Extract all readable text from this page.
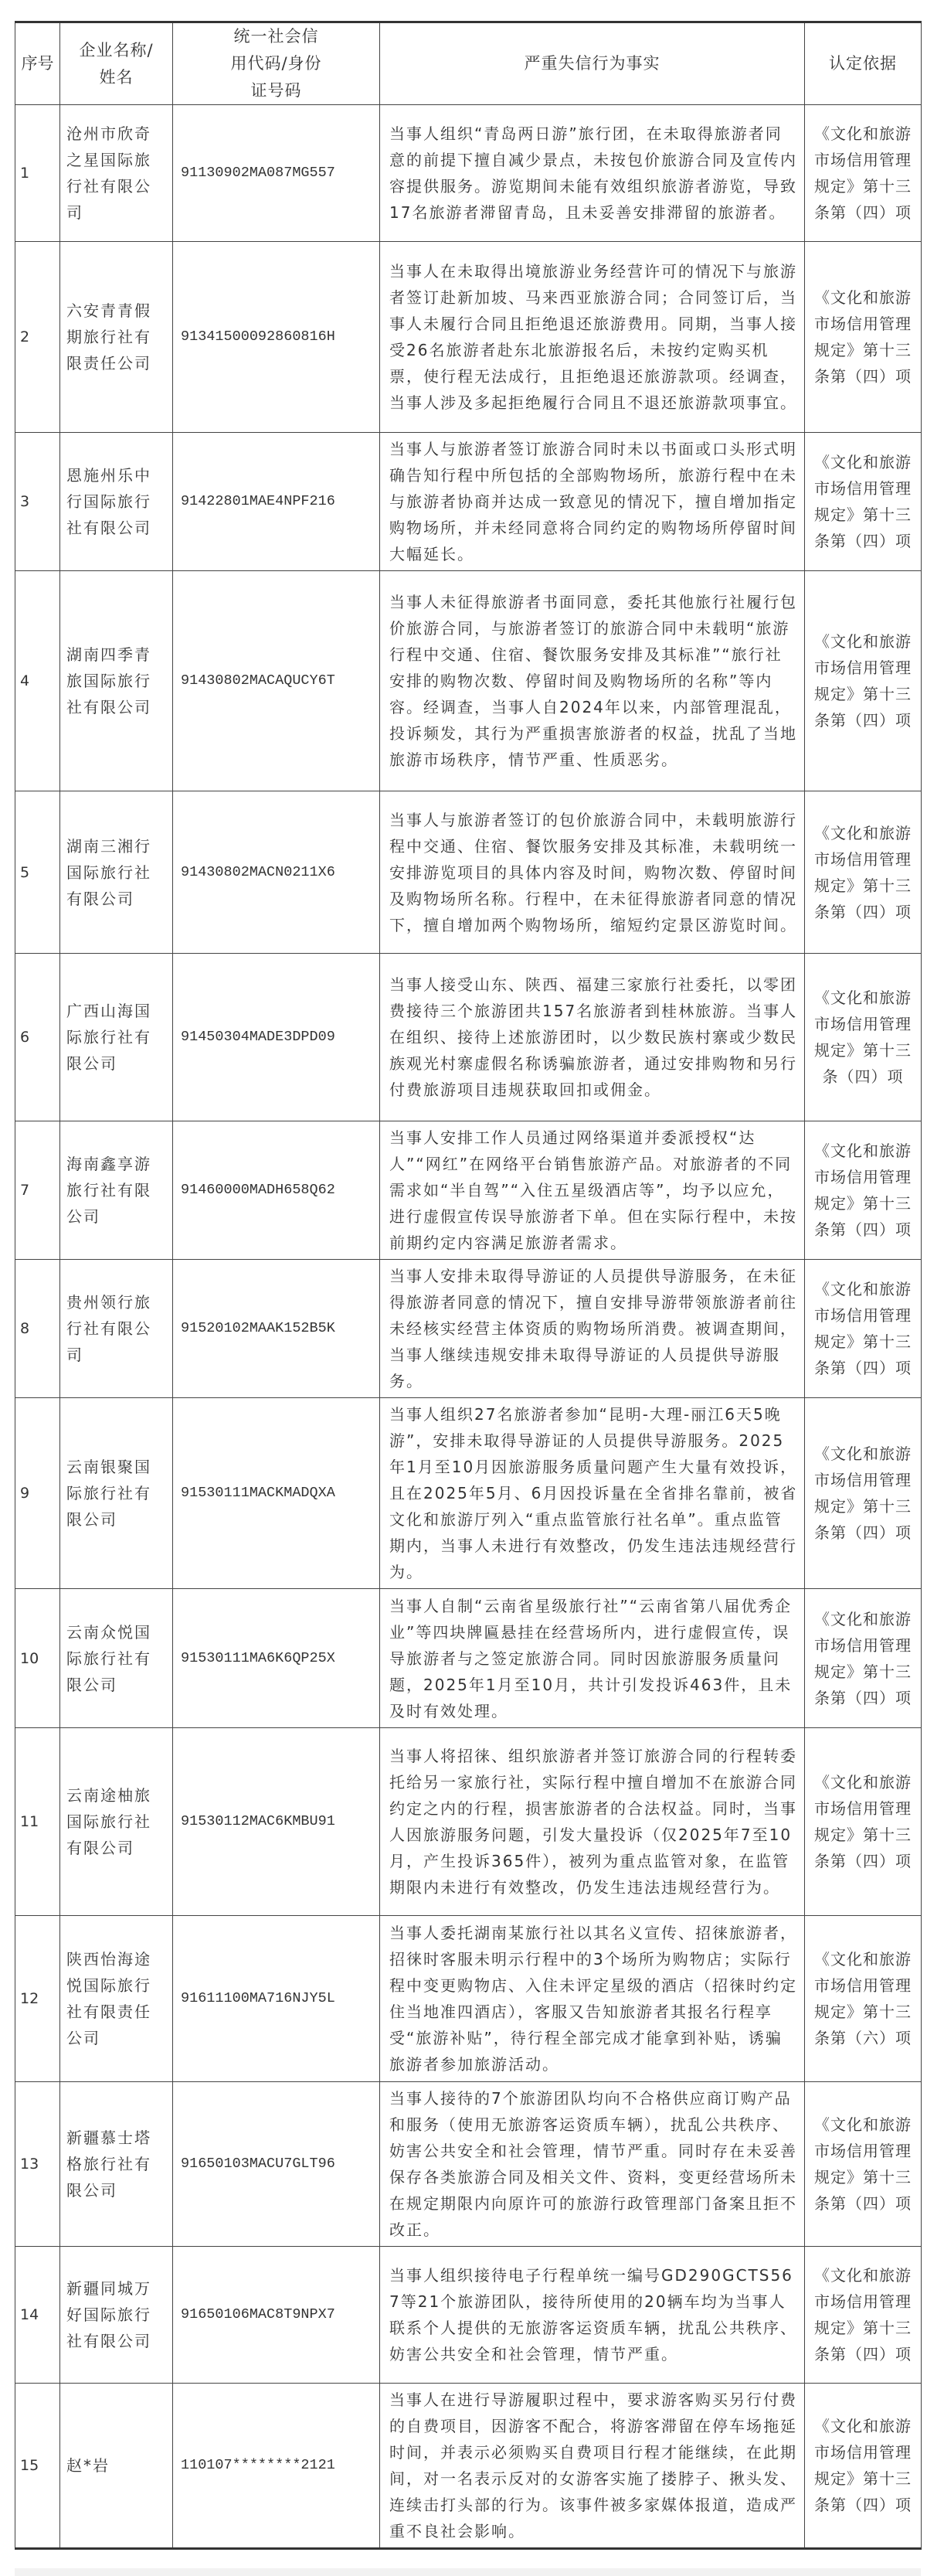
序号	企业名称/姓名	统一社会信用代码/身份证号码	严重失信行为事实	认定依据
1	沧州市欣奇之星国际旅行社有限公司	91130902MA087MG557	当事人组织“青岛两日游”旅行团，在未取得旅游者同意的前提下擅自减少景点，未按包价旅游合同及宣传内容提供服务。游览期间未能有效组织旅游者游览，导致17名旅游者滞留青岛，且未妥善安排滞留的旅游者。	《文化和旅游市场信用管理规定》第十三条第（四）项
2	六安青青假期旅行社有限责任公司	91341500092860816H	当事人在未取得出境旅游业务经营许可的情况下与旅游者签订赴新加坡、马来西亚旅游合同；合同签订后，当事人未履行合同且拒绝退还旅游费用。同期，当事人接受26名旅游者赴东北旅游报名后，未按约定购买机票，使行程无法成行，且拒绝退还旅游款项。经调查，当事人涉及多起拒绝履行合同且不退还旅游款项事宜。	《文化和旅游市场信用管理规定》第十三条第（四）项
3	恩施州乐中行国际旅行社有限公司	91422801MAE4NPF216	当事人与旅游者签订旅游合同时未以书面或口头形式明确告知行程中所包括的全部购物场所，旅游行程中在未与旅游者协商并达成一致意见的情况下，擅自增加指定购物场所，并未经同意将合同约定的购物场所停留时间大幅延长。	《文化和旅游市场信用管理规定》第十三条第（四）项
4	湖南四季青旅国际旅行社有限公司	91430802MACAQUCY6T	当事人未征得旅游者书面同意，委托其他旅行社履行包价旅游合同，与旅游者签订的旅游合同中未载明“旅游行程中交通、住宿、餐饮服务安排及其标准”“旅行社安排的购物次数、停留时间及购物场所的名称”等内容。经调查，当事人自2024年以来，内部管理混乱，投诉频发，其行为严重损害旅游者的权益，扰乱了当地旅游市场秩序，情节严重、性质恶劣。	《文化和旅游市场信用管理规定》第十三条第（四）项
5	湖南三湘行国际旅行社有限公司	91430802MACN0211X6	当事人与旅游者签订的包价旅游合同中，未载明旅游行程中交通、住宿、餐饮服务安排及其标准，未载明统一安排游览项目的具体内容及时间，购物次数、停留时间及购物场所名称。行程中，在未征得旅游者同意的情况下，擅自增加两个购物场所，缩短约定景区游览时间。	《文化和旅游市场信用管理规定》第十三条第（四）项
6	广西山海国际旅行社有限公司	91450304MADE3DPD09	当事人接受山东、陕西、福建三家旅行社委托，以零团费接待三个旅游团共157名旅游者到桂林旅游。当事人在组织、接待上述旅游团时，以少数民族村寨或少数民族观光村寨虚假名称诱骗旅游者，通过安排购物和另行付费旅游项目违规获取回扣或佣金。	《文化和旅游市场信用管理规定》第十三条（四）项
7	海南鑫享游旅行社有限公司	91460000MADH658Q62	当事人安排工作人员通过网络渠道并委派授权“达人”“网红”在网络平台销售旅游产品。对旅游者的不同需求如“半自驾”“入住五星级酒店等”，均予以应允，进行虚假宣传误导旅游者下单。但在实际行程中，未按前期约定内容满足旅游者需求。	《文化和旅游市场信用管理规定》第十三条第（四）项
8	贵州领行旅行社有限公司	91520102MAAK152B5K	当事人安排未取得导游证的人员提供导游服务，在未征得旅游者同意的情况下，擅自安排导游带领旅游者前往未经核实经营主体资质的购物场所消费。被调查期间，当事人继续违规安排未取得导游证的人员提供导游服务。	《文化和旅游市场信用管理规定》第十三条第（四）项
9	云南银聚国际旅行社有限公司	91530111MACKMADQXA	当事人组织27名旅游者参加“昆明-大理-丽江6天5晚游”，安排未取得导游证的人员提供导游服务。2025年1月至10月因旅游服务质量问题产生大量有效投诉，且在2025年5月、6月因投诉量在全省排名靠前，被省文化和旅游厅列入“重点监管旅行社名单”。重点监管期内，当事人未进行有效整改，仍发生违法违规经营行为。	《文化和旅游市场信用管理规定》第十三条第（四）项
10	云南众悦国际旅行社有限公司	91530111MA6K6QP25X	当事人自制“云南省星级旅行社”“云南省第八届优秀企业”等四块牌匾悬挂在经营场所内，进行虚假宣传，误导旅游者与之签定旅游合同。同时因旅游服务质量问题，2025年1月至10月，共计引发投诉463件，且未及时有效处理。	《文化和旅游市场信用管理规定》第十三条第（四）项
11	云南途柚旅国际旅行社有限公司	91530112MAC6KMBU91	当事人将招徕、组织旅游者并签订旅游合同的行程转委托给另一家旅行社，实际行程中擅自增加不在旅游合同约定之内的行程，损害旅游者的合法权益。同时，当事人因旅游服务问题，引发大量投诉（仅2025年7至10月，产生投诉365件），被列为重点监管对象，在监管期限内未进行有效整改，仍发生违法违规经营行为。	《文化和旅游市场信用管理规定》第十三条第（四）项
12	陕西怡海途悦国际旅行社有限责任公司	91611100MA716NJY5L	当事人委托湖南某旅行社以其名义宣传、招徕旅游者，招徕时客服未明示行程中的3个场所为购物店；实际行程中变更购物店、入住未评定星级的酒店（招徕时约定住当地准四酒店），客服又告知旅游者其报名行程享受“旅游补贴”，待行程全部完成才能拿到补贴，诱骗旅游者参加旅游活动。	《文化和旅游市场信用管理规定》第十三条第（六）项
13	新疆慕士塔格旅行社有限公司	91650103MACU7GLT96	当事人接待的7个旅游团队均向不合格供应商订购产品和服务（使用无旅游客运资质车辆），扰乱公共秩序、妨害公共安全和社会管理，情节严重。同时存在未妥善保存各类旅游合同及相关文件、资料，变更经营场所未在规定期限内向原许可的旅游行政管理部门备案且拒不改正。	《文化和旅游市场信用管理规定》第十三条第（四）项
14	新疆同城万好国际旅行社有限公司	91650106MAC8T9NPX7	当事人组织接待电子行程单统一编号GD290GCTS567等21个旅游团队，接待所使用的20辆车均为当事人联系个人提供的无旅游客运资质车辆，扰乱公共秩序、妨害公共安全和社会管理，情节严重。	《文化和旅游市场信用管理规定》第十三条第（四）项
15	赵*岩	110107********2121	当事人在进行导游履职过程中，要求游客购买另行付费的自费项目，因游客不配合，将游客滞留在停车场拖延时间，并表示必须购买自费项目行程才能继续，在此期间，对一名表示反对的女游客实施了搂脖子、揪头发、连续击打头部的行为。该事件被多家媒体报道，造成严重不良社会影响。	《文化和旅游市场信用管理规定》第十三条第（四）项
